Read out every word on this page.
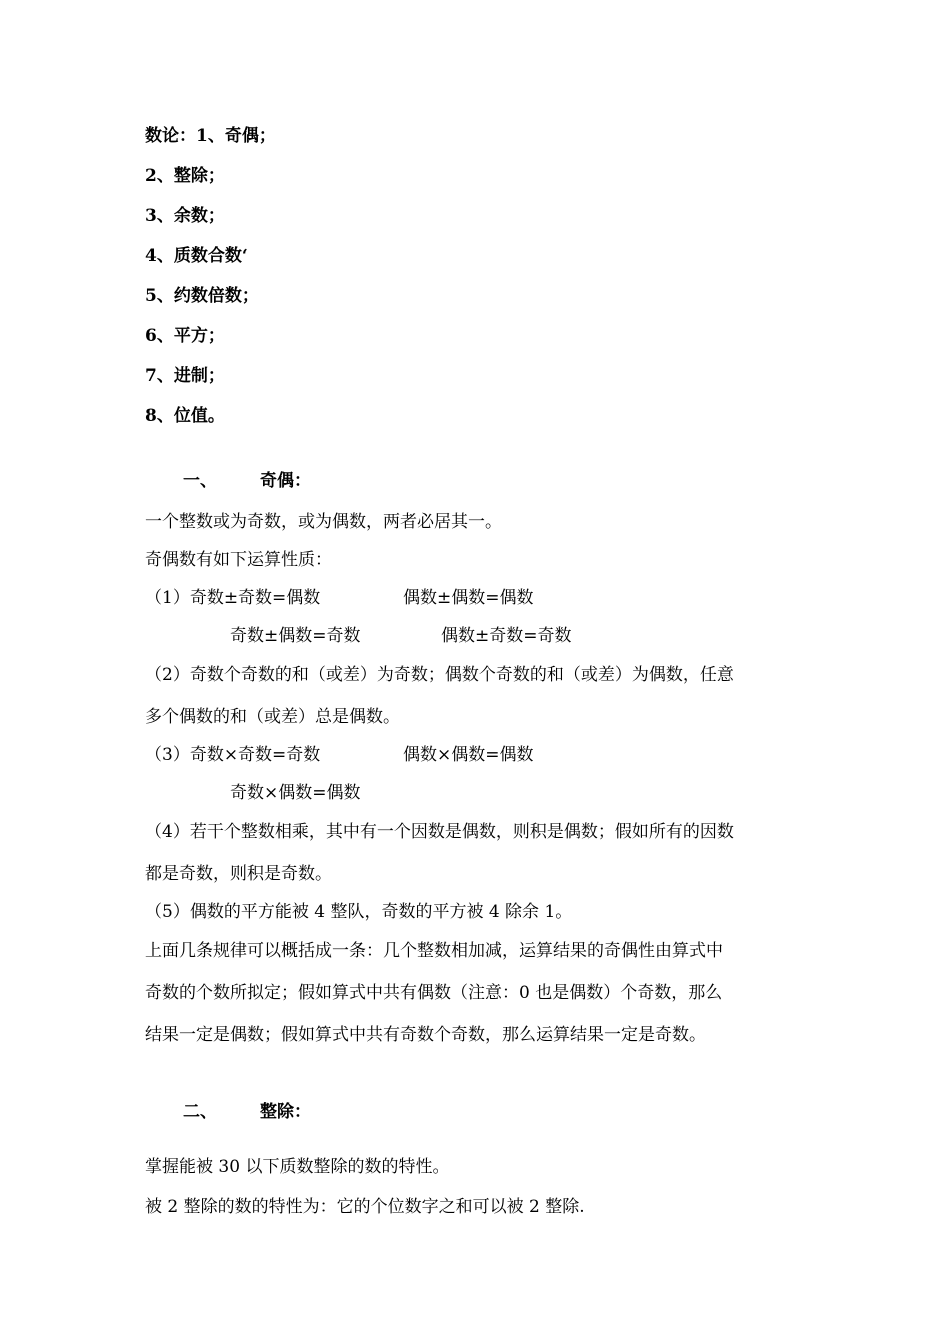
数论：1、奇偶；
2、整除；
3、余数；
4、质数合数‘
5、约数倍数；
6、平方；
7、进制；
8、位值。
一、	奇偶：
一个整数或为奇数，或为偶数，两者必居其一。
奇偶数有如下运算性质：
（1）奇数±奇数=偶数	偶数±偶数=偶数
奇数±偶数=奇数	偶数±奇数=奇数
（2）奇数个奇数的和（或差）为奇数；偶数个奇数的和（或差）为偶数，任意
多个偶数的和（或差）总是偶数。
（3）奇数×奇数=奇数	偶数×偶数=偶数
奇数×偶数=偶数
（4）若干个整数相乘，其中有一个因数是偶数，则积是偶数；假如所有的因数
都是奇数，则积是奇数。
（5）偶数的平方能被 4 整队，奇数的平方被 4 除余 1。
上面几条规律可以概括成一条：几个整数相加减，运算结果的奇偶性由算式中
奇数的个数所拟定；假如算式中共有偶数（注意：0 也是偶数）个奇数，那么
结果一定是偶数；假如算式中共有奇数个奇数，那么运算结果一定是奇数。
二、	整除：
掌握能被 30 以下质数整除的数的特性。
被 2 整除的数的特性为：它的个位数字之和可以被 2 整除.
